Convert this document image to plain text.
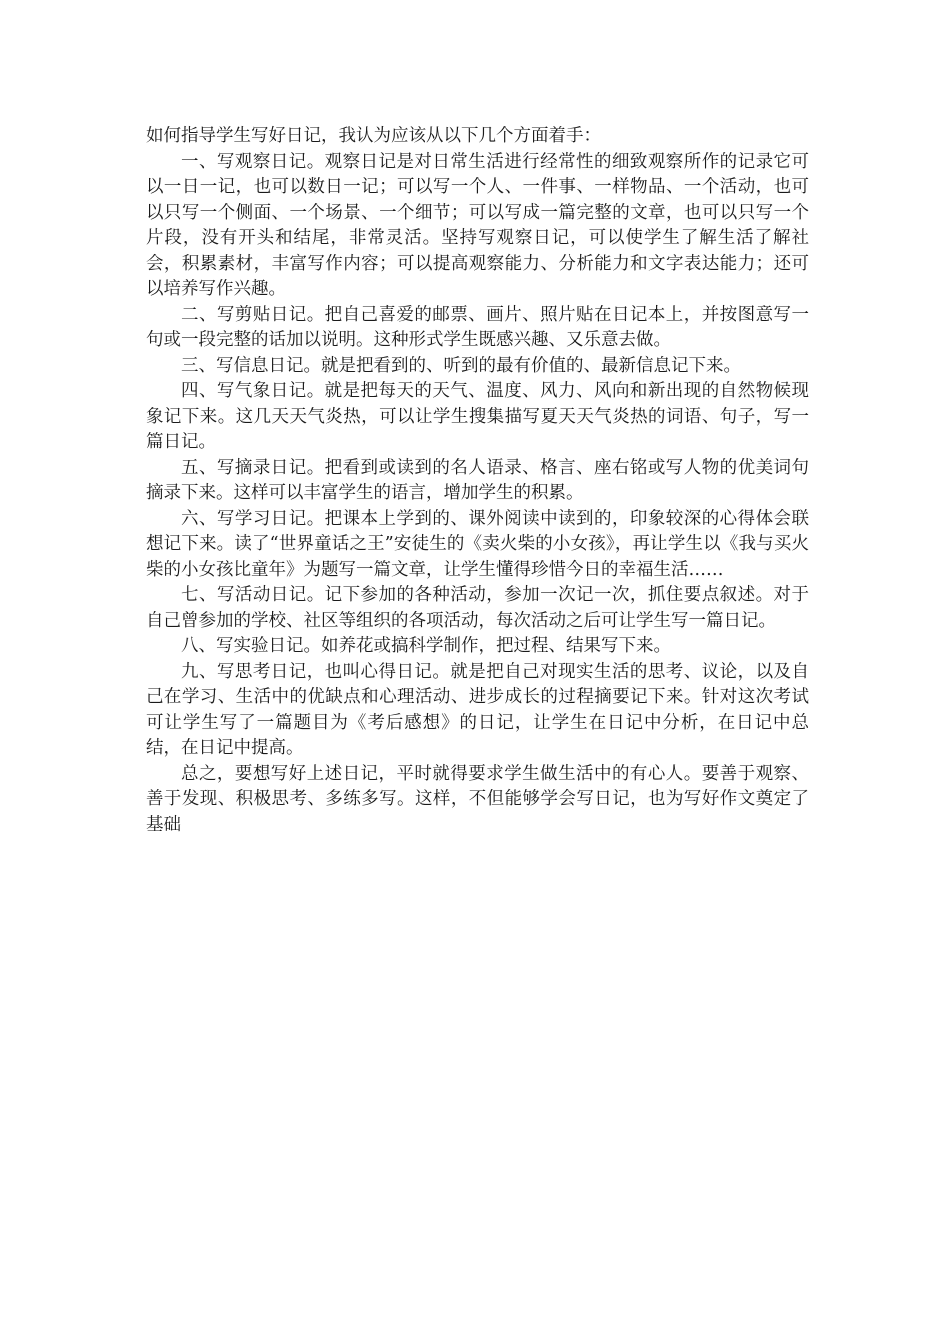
如何指导学生写好日记，我认为应该从以下几个方面着手：

一、写观察日记。观察日记是对日常生活进行经常性的细致观察所作的记录它可以一日一记，也可以数日一记；可以写一个人、一件事、一样物品、一个活动，也可以只写一个侧面、一个场景、一个细节；可以写成一篇完整的文章，也可以只写一个片段，没有开头和结尾，非常灵活。坚持写观察日记，可以使学生了解生活了解社会，积累素材，丰富写作内容；可以提高观察能力、分析能力和文字表达能力；还可以培养写作兴趣。

二、写剪贴日记。把自己喜爱的邮票、画片、照片贴在日记本上，并按图意写一句或一段完整的话加以说明。这种形式学生既感兴趣、又乐意去做。

三、写信息日记。就是把看到的、听到的最有价值的、最新信息记下来。

四、写气象日记。就是把每天的天气、温度、风力、风向和新出现的自然物候现象记下来。这几天天气炎热，可以让学生搜集描写夏天天气炎热的词语、句子，写一篇日记。

五、写摘录日记。把看到或读到的名人语录、格言、座右铭或写人物的优美词句摘录下来。这样可以丰富学生的语言，增加学生的积累。

六、写学习日记。把课本上学到的、课外阅读中读到的，印象较深的心得体会联想记下来。读了“世界童话之王”安徒生的《卖火柴的小女孩》，再让学生以《我与买火柴的小女孩比童年》为题写一篇文章，让学生懂得珍惜今日的幸福生活……

七、写活动日记。记下参加的各种活动，参加一次记一次，抓住要点叙述。对于自己曾参加的学校、社区等组织的各项活动，每次活动之后可让学生写一篇日记。

八、写实验日记。如养花或搞科学制作，把过程、结果写下来。

九、写思考日记，也叫心得日记。就是把自己对现实生活的思考、议论，以及自己在学习、生活中的优缺点和心理活动、进步成长的过程摘要记下来。针对这次考试可让学生写了一篇题目为《考后感想》的日记，让学生在日记中分析，在日记中总结，在日记中提高。

总之，要想写好上述日记，平时就得要求学生做生活中的有心人。要善于观察、善于发现、积极思考、多练多写。这样，不但能够学会写日记，也为写好作文奠定了基础
